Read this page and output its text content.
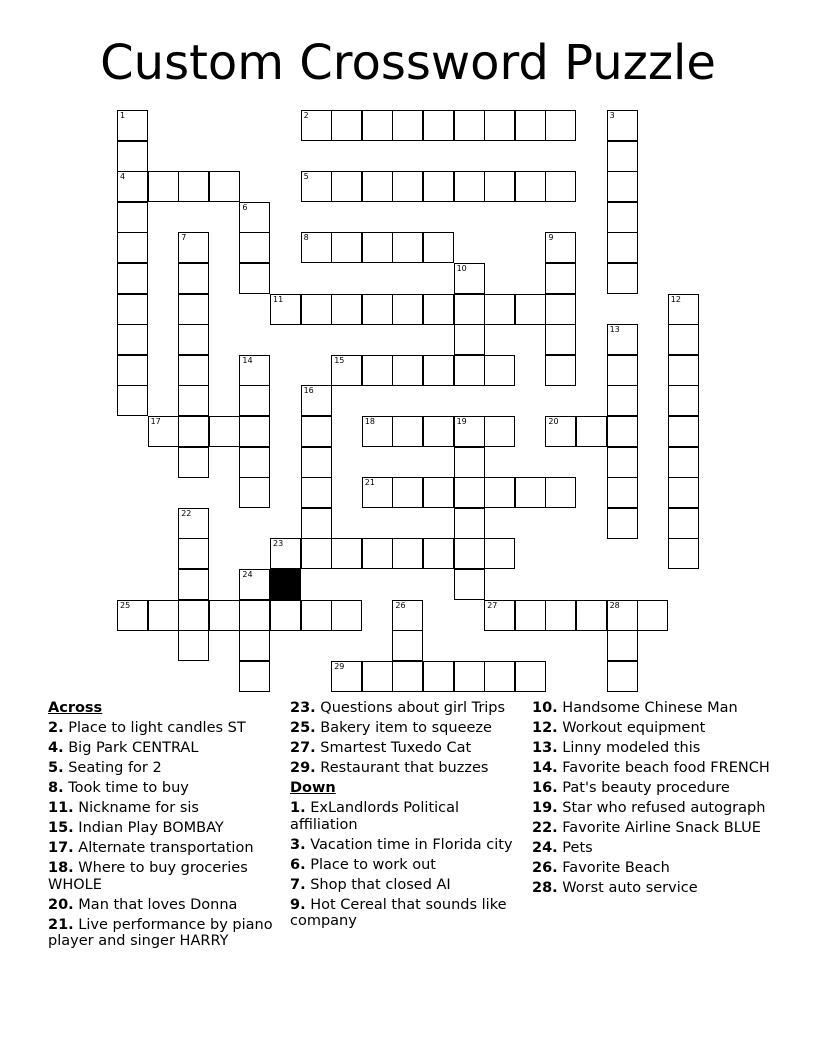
Custom Crossword Puzzle
2
4	5
8
11
15
17	18	19	20
21
23
25	27	28
29
1	3
6
7	9
10
12
13
14
16
22
24
26
Across
2. Place to light candles ST
4. Big Park CENTRAL
5. Seating for 2
8. Took time to buy
11. Nickname for sis
15. Indian Play BOMBAY
17. Alternate transportation
18. Where to buy groceries WHOLE
20. Man that loves Donna
21. Live performance by piano player and singer HARRY
23. Questions about girl Trips
25. Bakery item to squeeze
27. Smartest Tuxedo Cat
29. Restaurant that buzzes
Down
1. ExLandlords Political affiliation
3. Vacation time in Florida city
6. Place to work out
7. Shop that closed AI
9. Hot Cereal that sounds like company
10. Handsome Chinese Man
12. Workout equipment
13. Linny modeled this
14. Favorite beach food FRENCH
16. Pat's beauty procedure
19. Star who refused autograph
22. Favorite Airline Snack BLUE
24. Pets
26. Favorite Beach
28. Worst auto service
